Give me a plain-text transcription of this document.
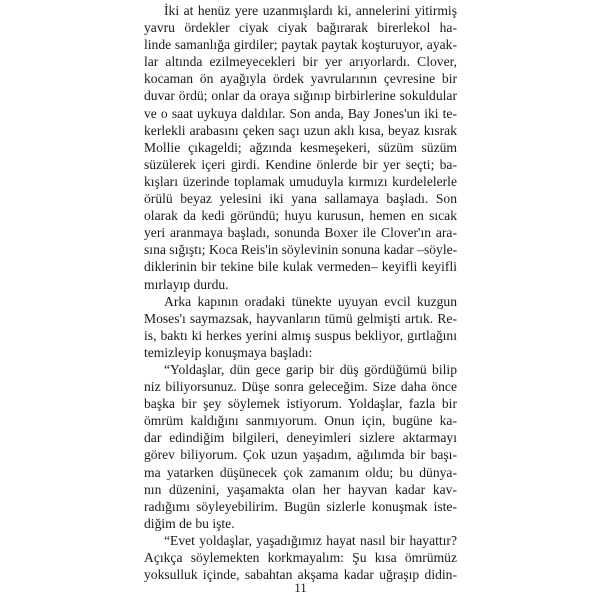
İki at henüz yere uzanmışlardı ki, annelerini yitirmiş
yavru ördekler ciyak ciyak bağırarak birerlekol ha-
linde samanlığa girdiler; paytak paytak koşturuyor, ayak-
lar altında ezilmeyecekleri bir yer arıyorlardı. Clover,
kocaman ön ayağıyla ördek yavrularının çevresine bir
duvar ördü; onlar da oraya sığınıp birbirlerine sokuldular
ve o saat uykuya daldılar. Son anda, Bay Jones'un iki te-
kerlekli arabasını çeken saçı uzun aklı kısa, beyaz kısrak
Mollie çıkageldi; ağzında kesmeşekeri, süzüm süzüm
süzülerek içeri girdi. Kendine önlerde bir yer seçti; ba-
kışları üzerinde toplamak umuduyla kırmızı kurdelelerle
örülü beyaz yelesini iki yana sallamaya başladı. Son
olarak da kedi göründü; huyu kurusun, hemen en sıcak
yeri aranmaya başladı, sonunda Boxer ile Clover'ın ara-
sına sığıştı; Koca Reis'in söylevinin sonuna kadar –söyle-
diklerinin bir tekine bile kulak vermeden– keyifli keyifli
mırlayıp durdu.
Arka kapının oradaki tünekte uyuyan evcil kuzgun
Moses'ı saymazsak, hayvanların tümü gelmişti artık. Re-
is, baktı ki herkes yerini almış suspus bekliyor, gırtlağını
temizleyip konuşmaya başladı:
“Yoldaşlar, dün gece garip bir düş gördüğümü bilip
niz biliyorsunuz. Düşe sonra geleceğim. Size daha önce
başka bir şey söylemek istiyorum. Yoldaşlar, fazla bir
ömrüm kaldığını sanmıyorum. Onun için, bugüne ka-
dar edindiğim bilgileri, deneyimleri sizlere aktarmayı
görev biliyorum. Çok uzun yaşadım, ağılımda bir başı-
ma yatarken düşünecek çok zamanım oldu; bu dünya-
nın düzenini, yaşamakta olan her hayvan kadar kav-
radığımı söyleyebilirim. Bugün sizlerle konuşmak iste-
diğim de bu işte.
“Evet yoldaşlar, yaşadığımız hayat nasıl bir hayattır?
Açıkça söylemekten korkmayalım: Şu kısa ömrümüz
yoksulluk içinde, sabahtan akşama kadar uğraşıp didin-
11
